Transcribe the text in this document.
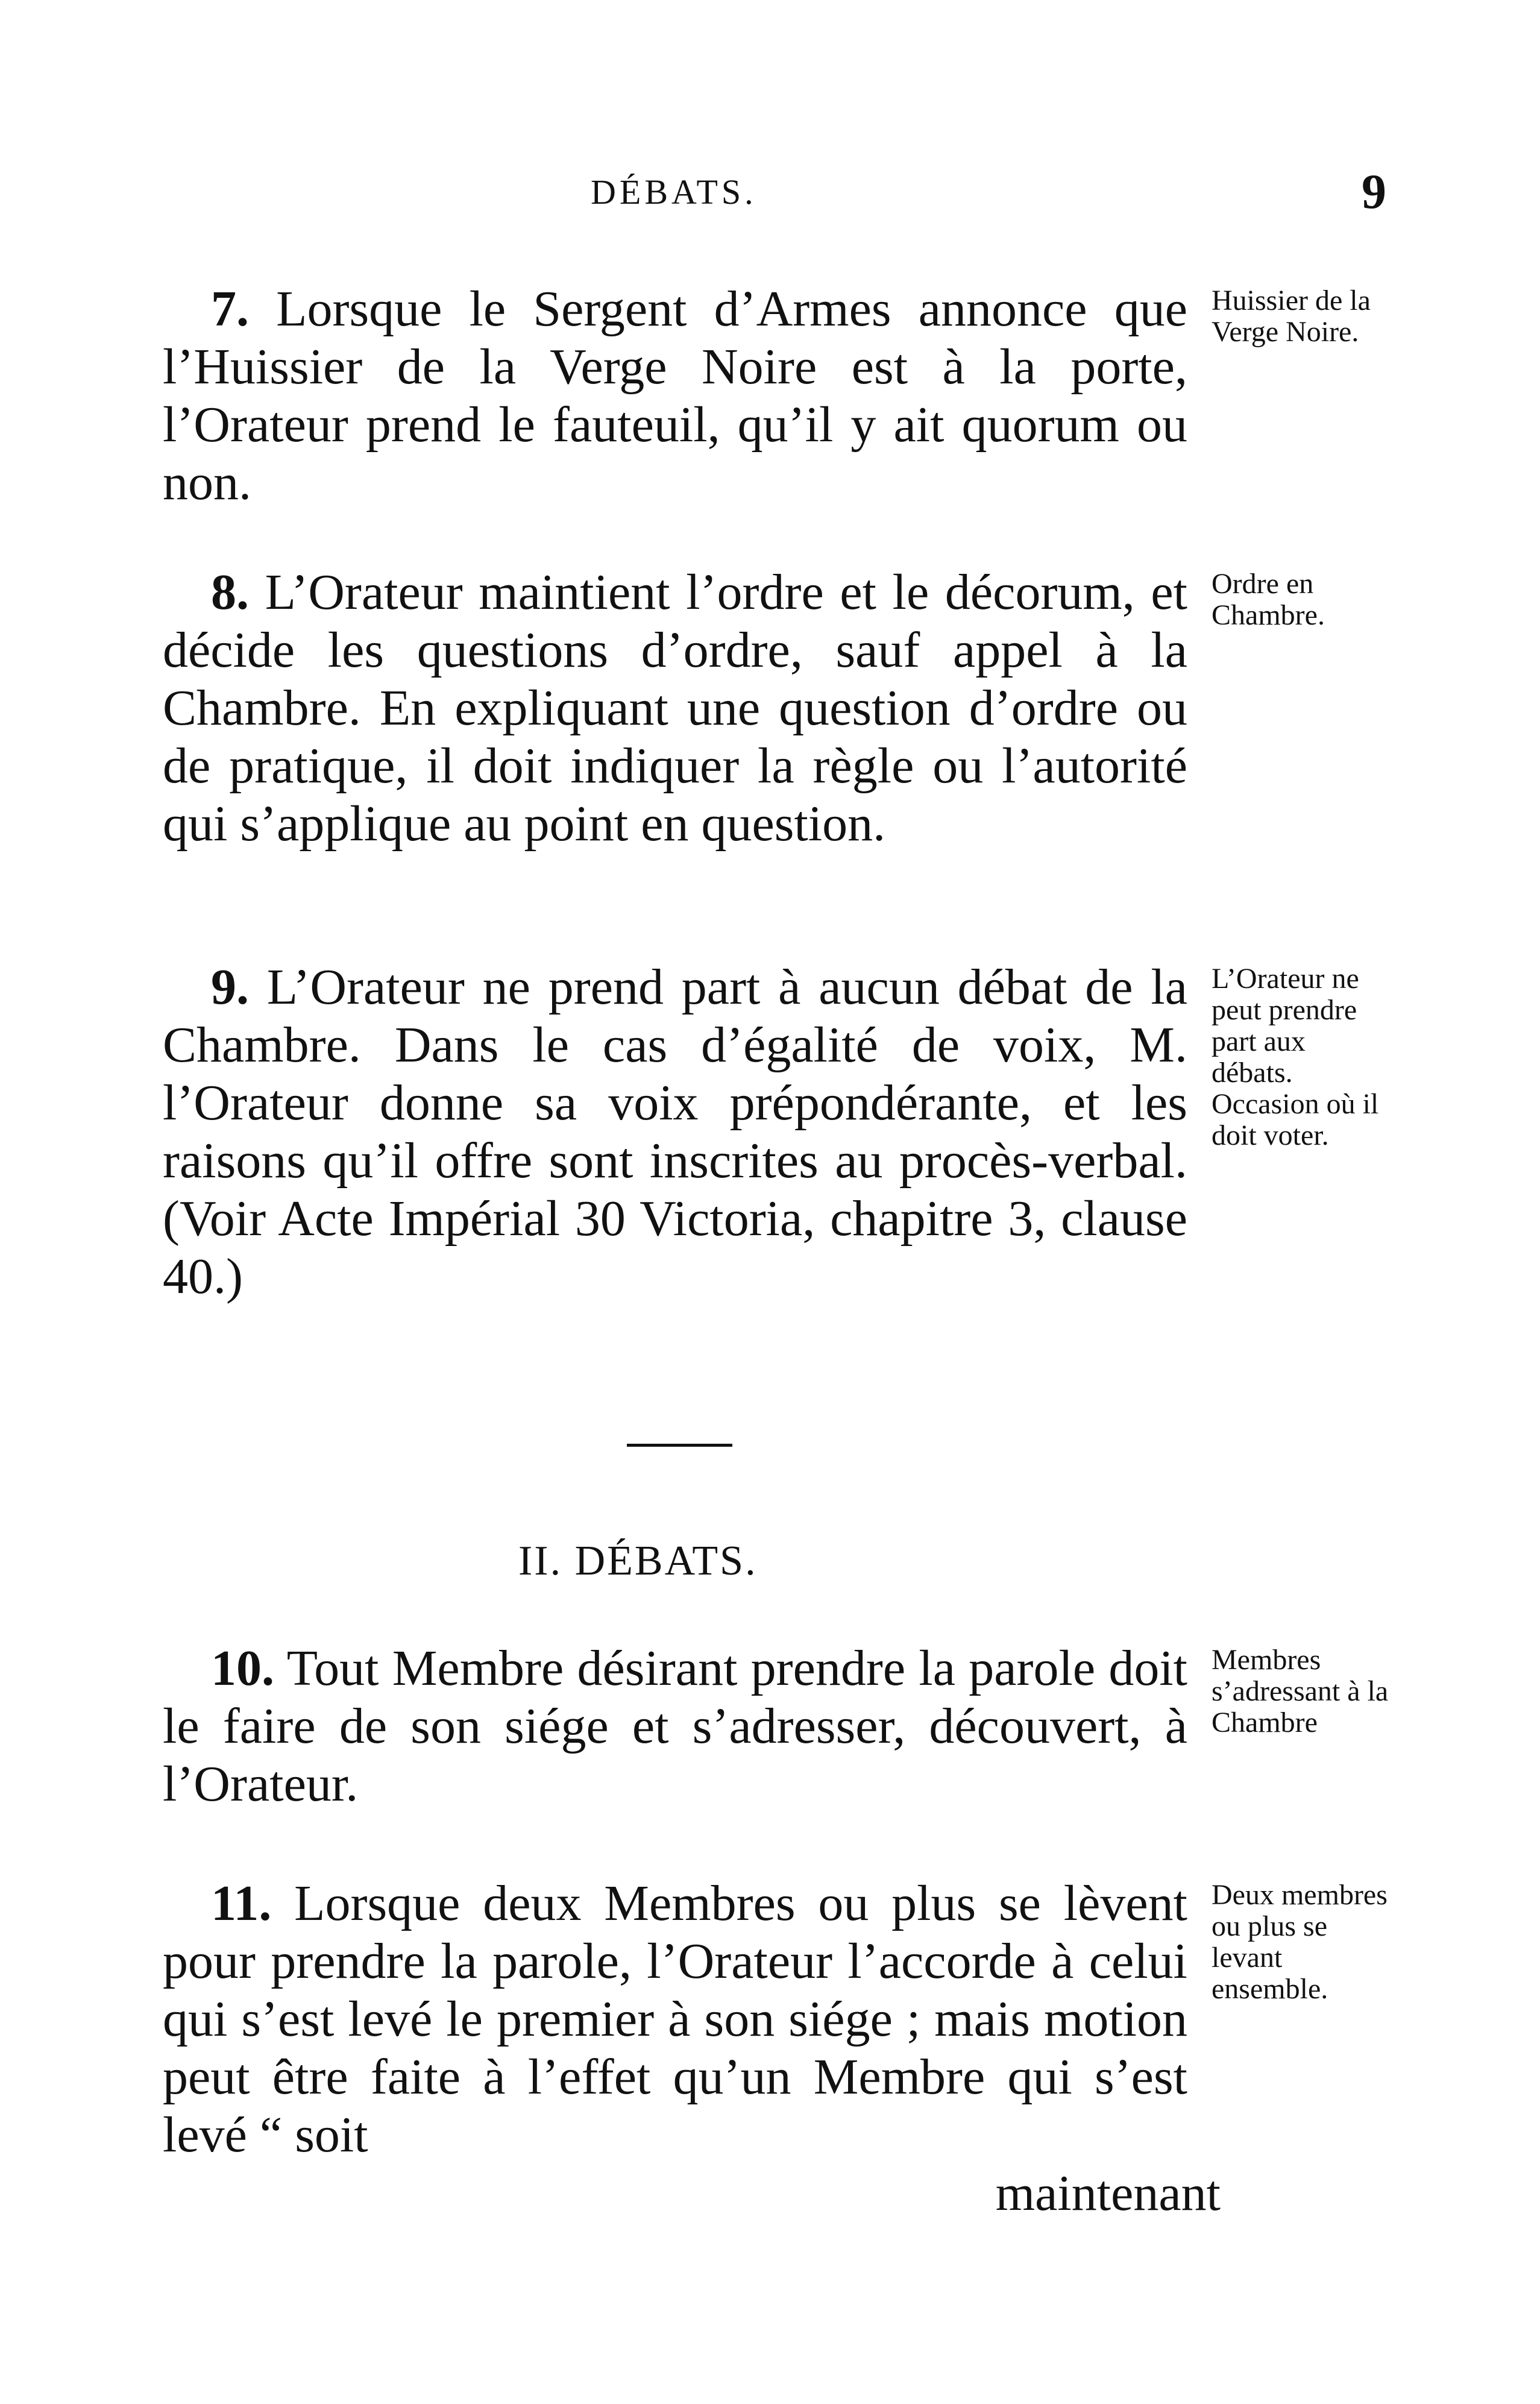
DÉBATS.	9
7. Lorsque le Sergent d’Armes annonce que l’Huissier de la Verge Noire est à la porte, l’Orateur prend le fauteuil, qu’il y ait quorum ou non.
Huissier de la Verge Noire.
8. L’Orateur maintient l’ordre et le décorum, et décide les questions d’ordre, sauf appel à la Chambre. En expliquant une question d’ordre ou de pratique, il doit indiquer la règle ou l’autorité qui s’applique au point en question.
Ordre en Chambre.
9. L’Orateur ne prend part à aucun débat de la Chambre. Dans le cas d’égalité de voix, M. l’Orateur donne sa voix prépondérante, et les raisons qu’il offre sont inscrites au procès-verbal. (Voir Acte Impérial 30 Victoria, chapitre 3, clause 40.)
L’Orateur ne peut prendre part aux débats. Occasion où il doit voter.
II. DÉBATS.
10. Tout Membre désirant prendre la parole doit le faire de son siége et s’adresser, découvert, à l’Orateur.
Membres s’adressant à la Chambre
11. Lorsque deux Membres ou plus se lèvent pour prendre la parole, l’Orateur l’accorde à celui qui s’est levé le premier à son siége ; mais motion peut être faite à l’effet qu’un Membre qui s’est levé “ soit
Deux membres ou plus se levant ensemble.
maintenant
